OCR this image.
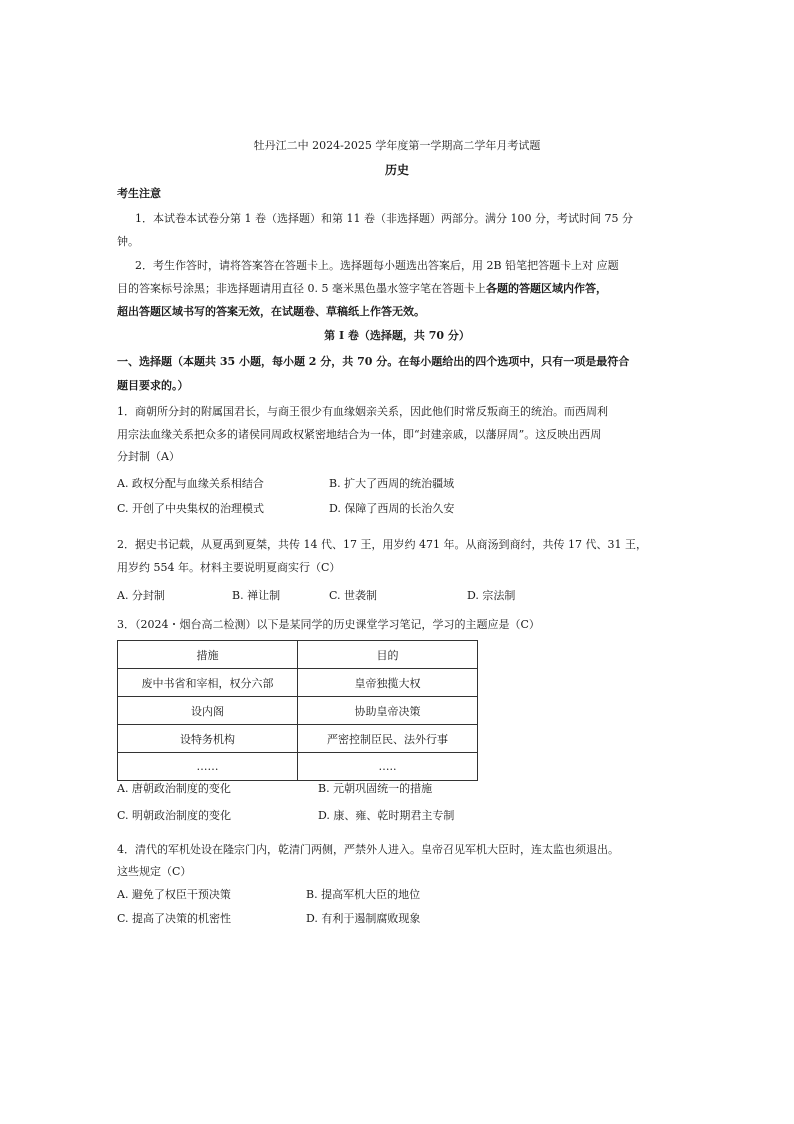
牡丹江二中 2024-2025 学年度第一学期高二学年月考试题
历史
考生注意
1．本试卷本试卷分第 1 卷（选择题）和第 11 卷（非选择题）两部分。满分 100 分，考试时间 75 分
钟。
2．考生作答时，请将答案答在答题卡上。选择题每小题选出答案后，用 2B 铅笔把答题卡上对 应题
目的答案标号涂黑；非选择题请用直径 0. 5 毫米黑色墨水签字笔在答题卡上各题的答题区域内作答，
超出答题区域书写的答案无效，在试题卷、草稿纸上作答无效。
第 I 卷（选择题，共 70 分）
一、选择题（本题共 35 小题，每小题 2 分，共 70 分。在每小题给出的四个选项中，只有一项是最符合
题目要求的。）
1．商朝所分封的附属国君长，与商王很少有血缘姻亲关系，因此他们时常反叛商王的统治。而西周利
用宗法血缘关系把众多的诸侯同周政权紧密地结合为一体，即“封建亲戚，以藩屏周”。这反映出西周
分封制（A）
A. 政权分配与血缘关系相结合	B. 扩大了西周的统治疆域
C. 开创了中央集权的治理模式	D. 保障了西周的长治久安
2．据史书记载，从夏禹到夏桀，共传 14 代、17 王，用岁约 471 年。从商汤到商纣，共传 17 代、31 王，
用岁约 554 年。材料主要说明夏商实行（C）
A. 分封制	B. 禅让制	C. 世袭制	D. 宗法制
3．（2024・烟台高二检测）以下是某同学的历史课堂学习笔记，学习的主题应是（C）
措施	目的
废中书省和宰相，权分六部	皇帝独揽大权
设内阁	协助皇帝决策
设特务机构	严密控制臣民、法外行事
……	…..
A. 唐朝政治制度的变化	B. 元朝巩固统一的措施
C. 明朝政治制度的变化	D. 康、雍、乾时期君主专制
4．清代的军机处设在隆宗门内，乾清门两侧，严禁外人进入。皇帝召见军机大臣时，连太监也须退出。
这些规定（C）
A. 避免了权臣干预决策	B. 提高军机大臣的地位
C. 提高了决策的机密性	D. 有利于遏制腐败现象
